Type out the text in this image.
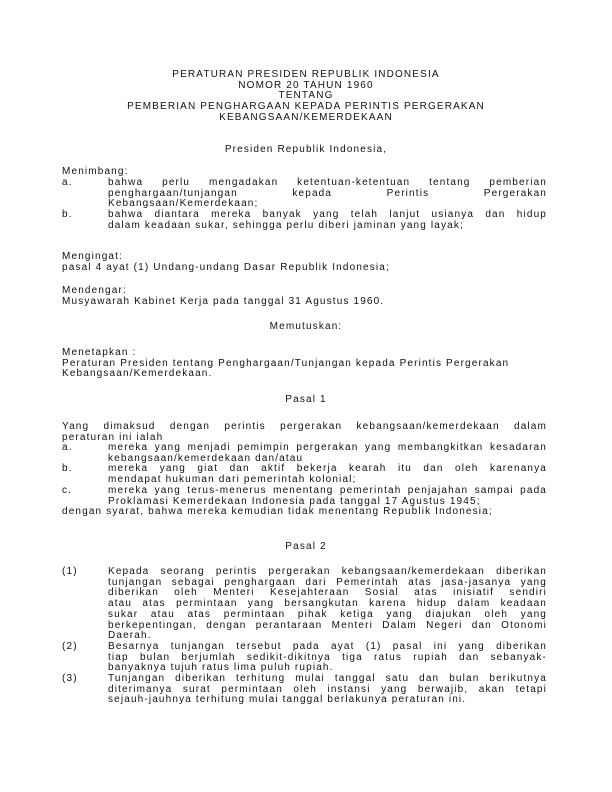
PERATURAN PRESIDEN REPUBLIK INDONESIA
NOMOR 20 TAHUN 1960
TENTANG
PEMBERIAN PENGHARGAAN KEPADA PERINTIS PERGERAKAN
KEBANGSAAN/KEMERDEKAAN
Presiden Republik Indonesia,
Menimbang:
a.	bahwa perlu mengadakan ketentuan-ketentuan tentang pemberian
penghargaan/tunjangan kepada Perintis Pergerakan
Kebangsaan/Kemerdekaan;
b.	bahwa diantara mereka banyak yang telah lanjut usianya dan hidup
dalam keadaan sukar, sehingga perlu diberi jaminan yang layak;
Mengingat:
pasal 4 ayat (1) Undang-undang Dasar Republik Indonesia;
Mendengar:
Musyawarah Kabinet Kerja pada tanggal 31 Agustus 1960.
Memutuskan:
Menetapkan :
Peraturan Presiden tentang Penghargaan/Tunjangan kepada Perintis Pergerakan
Kebangsaan/Kemerdekaan.
Pasal 1
Yang dimaksud dengan perintis pergerakan kebangsaan/kemerdekaan dalam
peraturan ini ialah
a.	mereka yang menjadi pemimpin pergerakan yang membangkitkan kesadaran
kebangsaan/kemerdekaan dan/atau
b.	mereka yang giat dan aktif bekerja kearah itu dan oleh karenanya
mendapat hukuman dari pemerintah kolonial;
c.	mereka yang terus-menerus menentang pemerintah penjajahan sampai pada
Proklamasi Kemerdekaan Indonesia pada tanggal 17 Agustus 1945;
dengan syarat, bahwa mereka kemudian tidak menentang Republik Indonesia;
Pasal 2
(1)	Kepada seorang perintis pergerakan kebangsaan/kemerdekaan diberikan
tunjangan sebagai penghargaan dari Pemerintah atas jasa-jasanya yang
diberikan oleh Menteri Kesejahteraan Sosial atas inisiatif sendiri
atau atas permintaan yang bersangkutan karena hidup dalam keadaan
sukar atau atas permintaan pihak ketiga yang diajukan oleh yang
berkepentingan, dengan perantaraan Menteri Dalam Negeri dan Otonomi
Daerah.
(2)	Besarnya tunjangan tersebut pada ayat (1) pasal ini yang diberikan
tiap bulan berjumlah sedikit-dikitnya tiga ratus rupiah dan sebanyak-
banyaknya tujuh ratus lima puluh rupiah.
(3)	Tunjangan diberikan terhitung mulai tanggal satu dan bulan berikutnya
diterimanya surat permintaan oleh instansi yang berwajib, akan tetapi
sejauh-jauhnya terhitung mulai tanggal berlakunya peraturan ini.
